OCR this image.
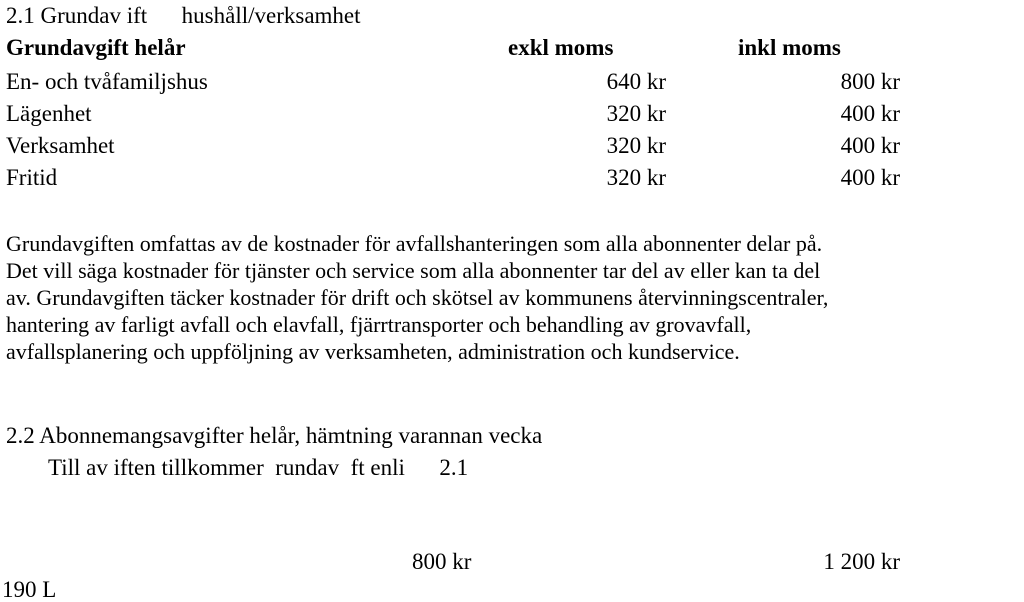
2.1 Grundav ift      hushåll/verksamhet
Grundavgift helår	exkl moms	inkl moms
En- och tvåfamiljshus	640 kr	800 kr
Lägenhet	320 kr	400 kr
Verksamhet	320 kr	400 kr
Fritid	320 kr	400 kr
Grundavgiften omfattas av de kostnader för avfallshanteringen som alla abonnenter delar på.
Det vill säga kostnader för tjänster och service som alla abonnenter tar del av eller kan ta del
av. Grundavgiften täcker kostnader för drift och skötsel av kommunens återvinningscentraler,
hantering av farligt avfall och elavfall, fjärrtransporter och behandling av grovavfall,
avfallsplanering och uppföljning av verksamheten, administration och kundservice.
2.2 Abonnemangsavgifter helår, hämtning varannan vecka
Till av iften tillkommer  rundav  ft enli      2.1
800 kr	1 200 kr
190 L
